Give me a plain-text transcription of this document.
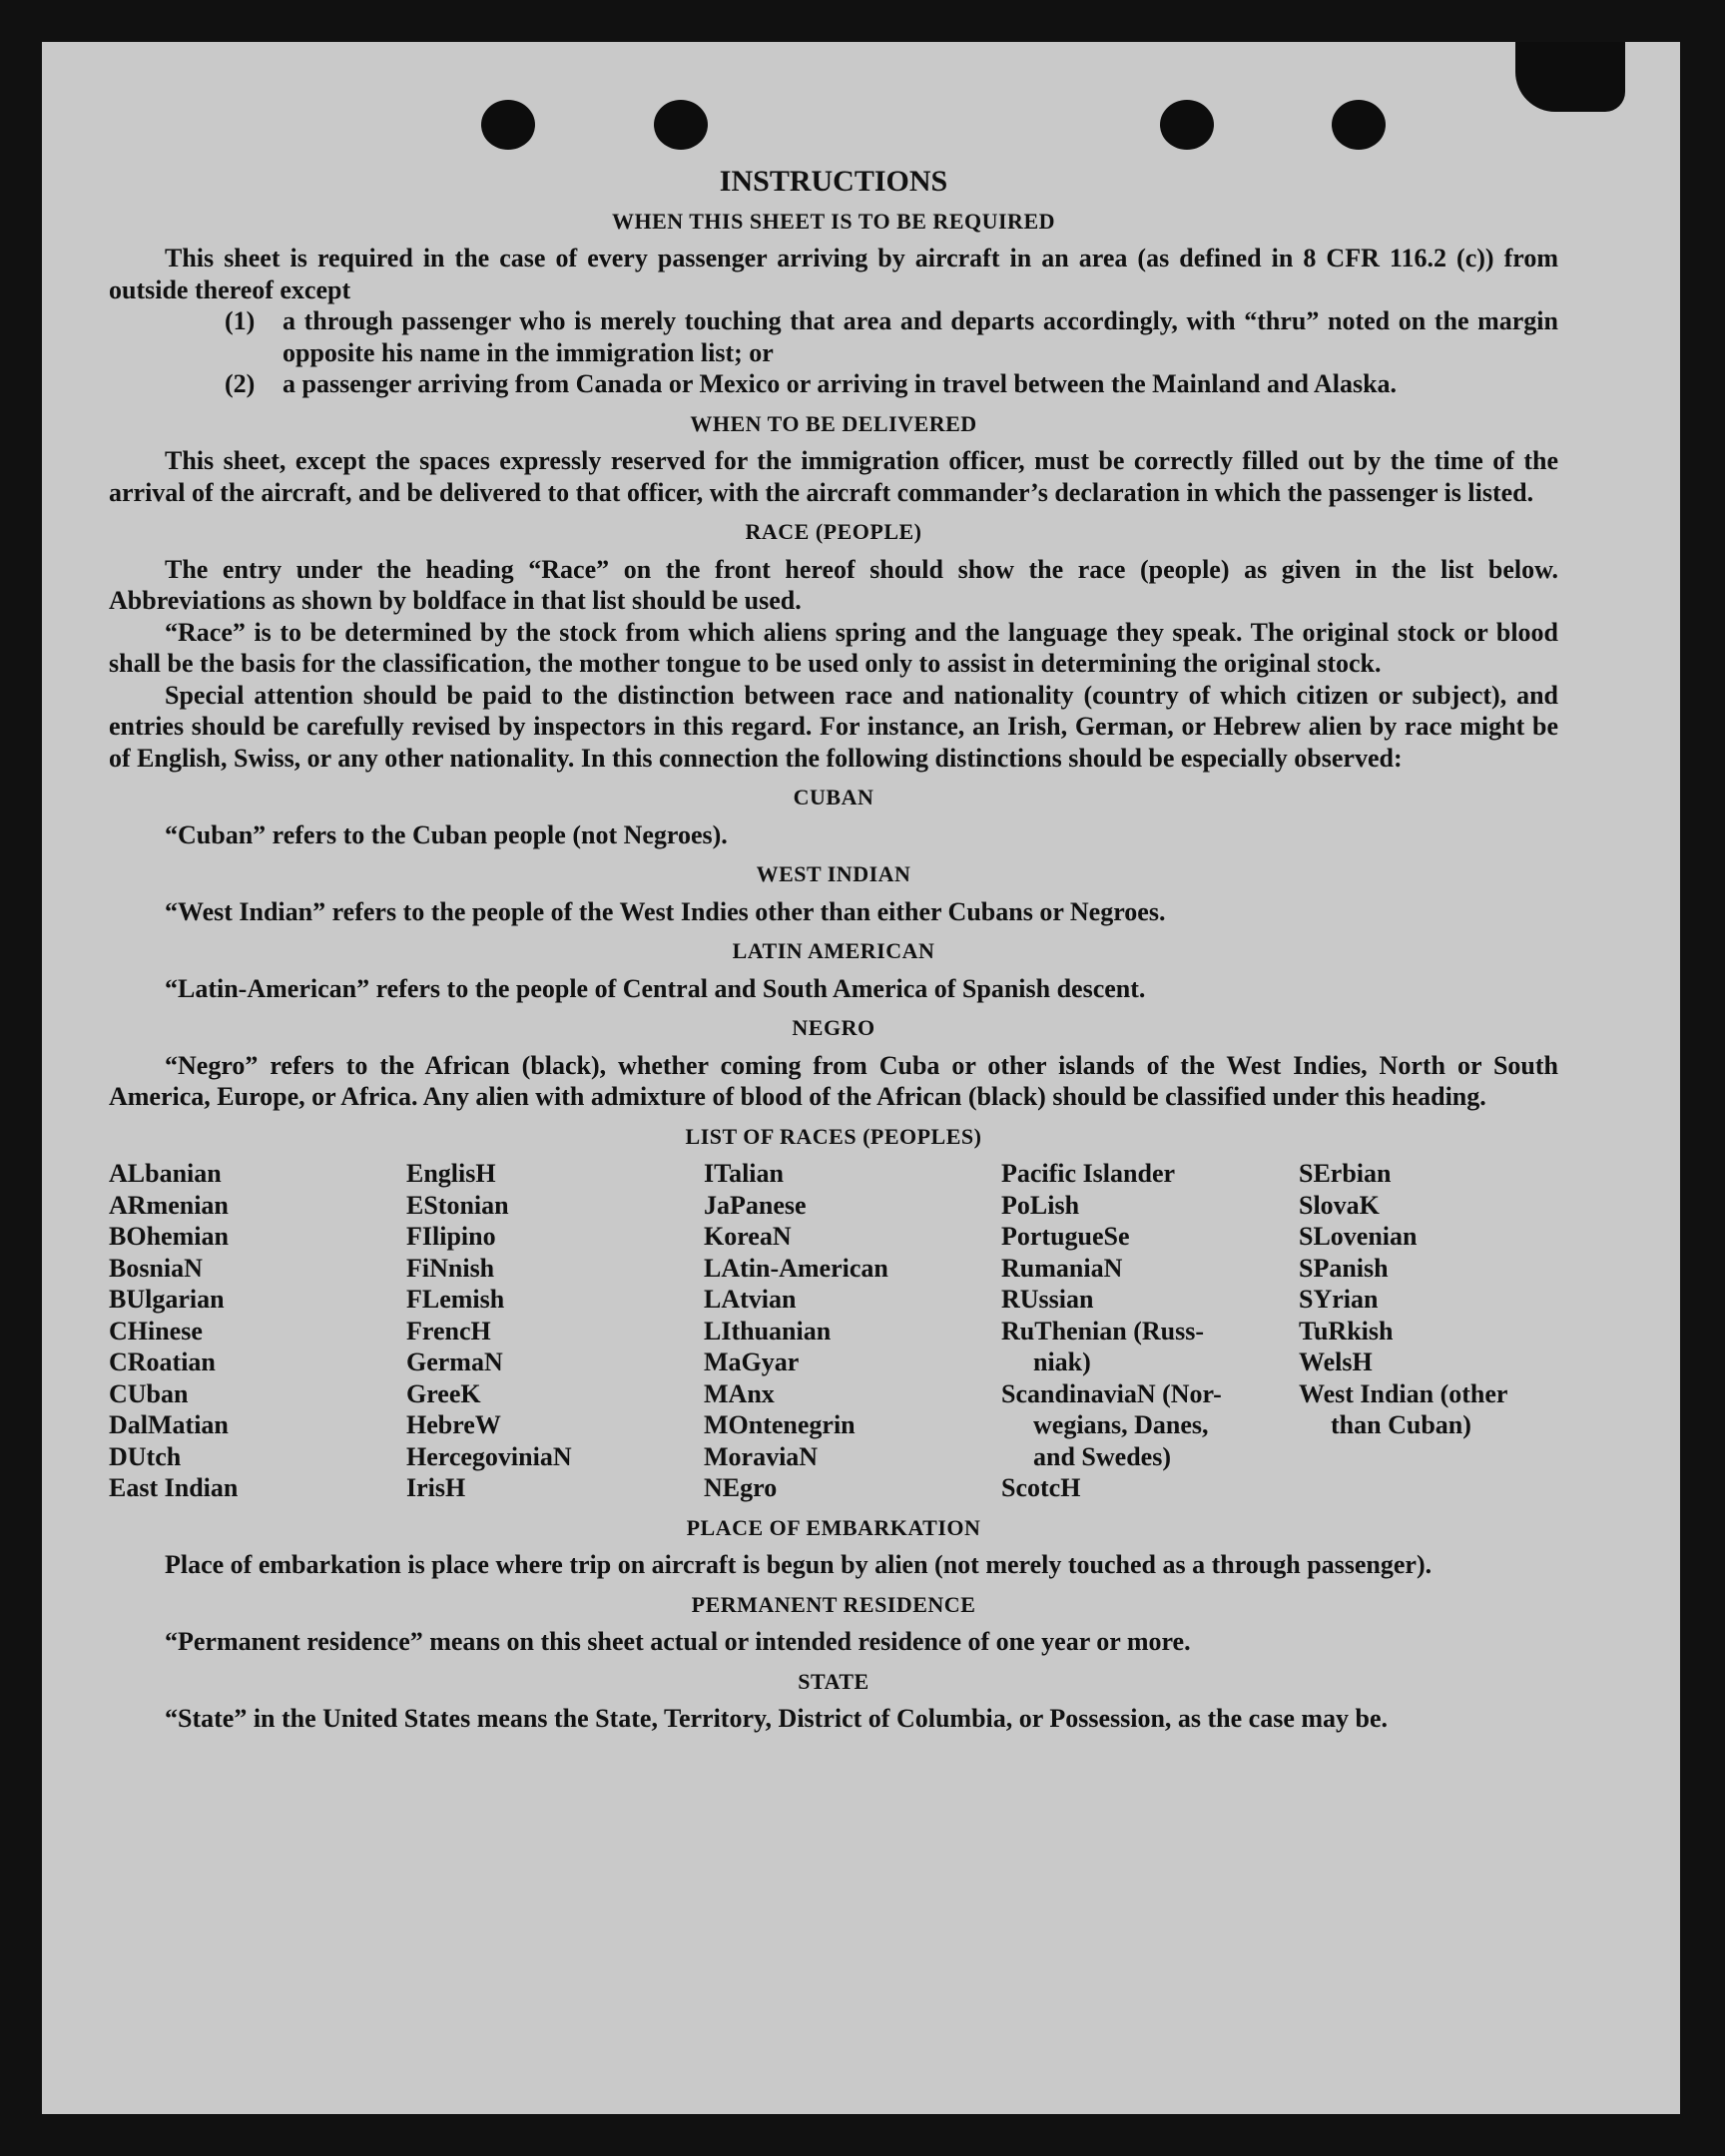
INSTRUCTIONS
WHEN THIS SHEET IS TO BE REQUIRED

This sheet is required in the case of every passenger arriving by aircraft in an area (as defined in 8 CFR 116.2 (c)) from outside thereof except

(1)	a through passenger who is merely touching that area and departs accordingly, with “thru” noted on the margin opposite his name in the immigration list; or
(2)	a passenger arriving from Canada or Mexico or arriving in travel between the Mainland and Alaska.
WHEN TO BE DELIVERED

This sheet, except the spaces expressly reserved for the immigration officer, must be correctly filled out by the time of the arrival of the aircraft, and be delivered to that officer, with the aircraft commander’s declaration in which the passenger is listed.

RACE (PEOPLE)

The entry under the heading “Race” on the front hereof should show the race (people) as given in the list below. Abbreviations as shown by boldface in that list should be used.

“Race” is to be determined by the stock from which aliens spring and the language they speak. The original stock or blood shall be the basis for the classification, the mother tongue to be used only to assist in determining the original stock.

Special attention should be paid to the distinction between race and nationality (country of which citizen or subject), and entries should be carefully revised by inspectors in this regard. For instance, an Irish, German, or Hebrew alien by race might be of English, Swiss, or any other nationality. In this connection the following distinctions should be especially observed:

CUBAN

“Cuban” refers to the Cuban people (not Negroes).

WEST INDIAN

“West Indian” refers to the people of the West Indies other than either Cubans or Negroes.

LATIN AMERICAN

“Latin-American” refers to the people of Central and South America of Spanish descent.

NEGRO

“Negro” refers to the African (black), whether coming from Cuba or other islands of the West Indies, North or South America, Europe, or Africa. Any alien with admixture of blood of the African (black) should be classified under this heading.

LIST OF RACES (PEOPLES)
ALbanian
ARmenian
BOhemian
BosniaN
BUlgarian
CHinese
CRoatian
CUban
DalMatian
DUtch
East Indian
EnglisH
EStonian
FIlipino
FiNnish
FLemish
FrencH
GermaN
GreeK
HebreW
HercegoviniaN
IrisH
ITalian
JaPanese
KoreaN
LAtin-American
LAtvian
LIthuanian
MaGyar
MAnx
MOntenegrin
MoraviaN
NEgro
Pacific Islander
PoLish
PortugueSe
RumaniaN
RUssian
RuThenian (Russ-
niak)
ScandinaviaN (Nor-
wegians, Danes,
and Swedes)
ScotcH
SErbian
SlovaK
SLovenian
SPanish
SYrian
TuRkish
WelsH
West Indian (other
than Cuban)
PLACE OF EMBARKATION

Place of embarkation is place where trip on aircraft is begun by alien (not merely touched as a through passenger).

PERMANENT RESIDENCE

“Permanent residence” means on this sheet actual or intended residence of one year or more.

STATE

“State” in the United States means the State, Territory, District of Columbia, or Possession, as the case may be.
